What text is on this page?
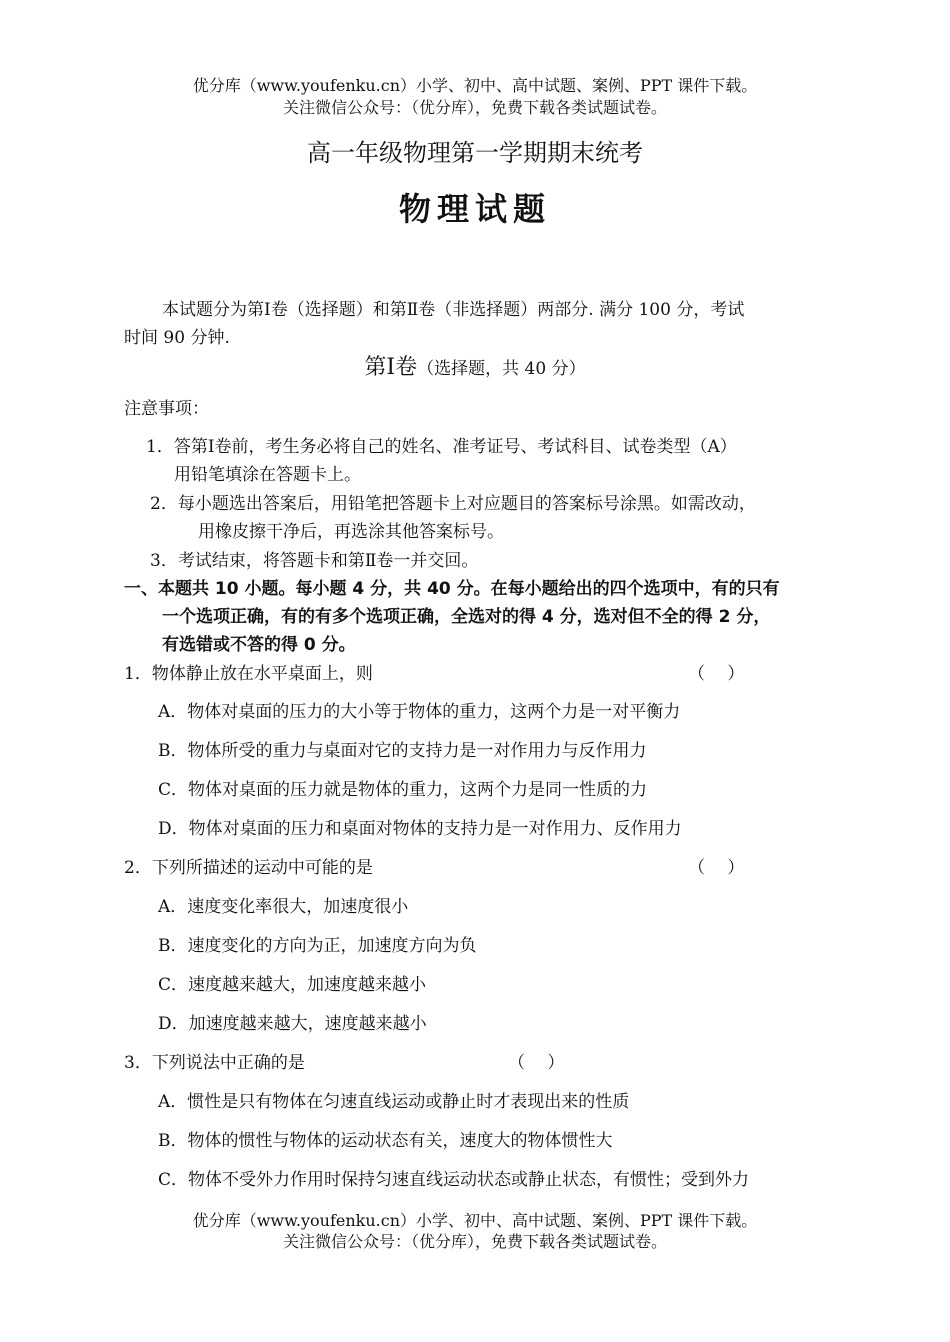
优分库（www.youfenku.cn）小学、初中、高中试题、案例、PPT 课件下载。
关注微信公众号：（优分库），免费下载各类试题试卷。
高一年级物理第一学期期末统考
物理试题
本试题分为第Ⅰ卷（选择题）和第Ⅱ卷（非选择题）两部分. 满分 100 分，考试
时间 90 分钟.
第Ⅰ卷（选择题，共 40 分）
注意事项：
1．答第Ⅰ卷前，考生务必将自己的姓名、准考证号、考试科目、试卷类型（A）
用铅笔填涂在答题卡上。
2．每小题选出答案后，用铅笔把答题卡上对应题目的答案标号涂黑。如需改动，
用橡皮擦干净后，再选涂其他答案标号。
3．考试结束，将答题卡和第Ⅱ卷一并交回。
一、本题共 10 小题。每小题 4 分，共 40 分。在每小题给出的四个选项中，有的只有
一个选项正确，有的有多个选项正确，全选对的得 4 分，选对但不全的得 2 分，
有选错或不答的得 0 分。
1．物体静止放在水平桌面上，则	（　 ）
A．物体对桌面的压力的大小等于物体的重力，这两个力是一对平衡力
B．物体所受的重力与桌面对它的支持力是一对作用力与反作用力
C．物体对桌面的压力就是物体的重力，这两个力是同一性质的力
D．物体对桌面的压力和桌面对物体的支持力是一对作用力、反作用力
2．下列所描述的运动中可能的是	（　 ）
A．速度变化率很大，加速度很小
B．速度变化的方向为正，加速度方向为负
C．速度越来越大，加速度越来越小
D．加速度越来越大，速度越来越小
3．下列说法中正确的是	（　 ）
A．惯性是只有物体在匀速直线运动或静止时才表现出来的性质
B．物体的惯性与物体的运动状态有关，速度大的物体惯性大
C．物体不受外力作用时保持匀速直线运动状态或静止状态，有惯性；受到外力
优分库（www.youfenku.cn）小学、初中、高中试题、案例、PPT 课件下载。
关注微信公众号：（优分库），免费下载各类试题试卷。
